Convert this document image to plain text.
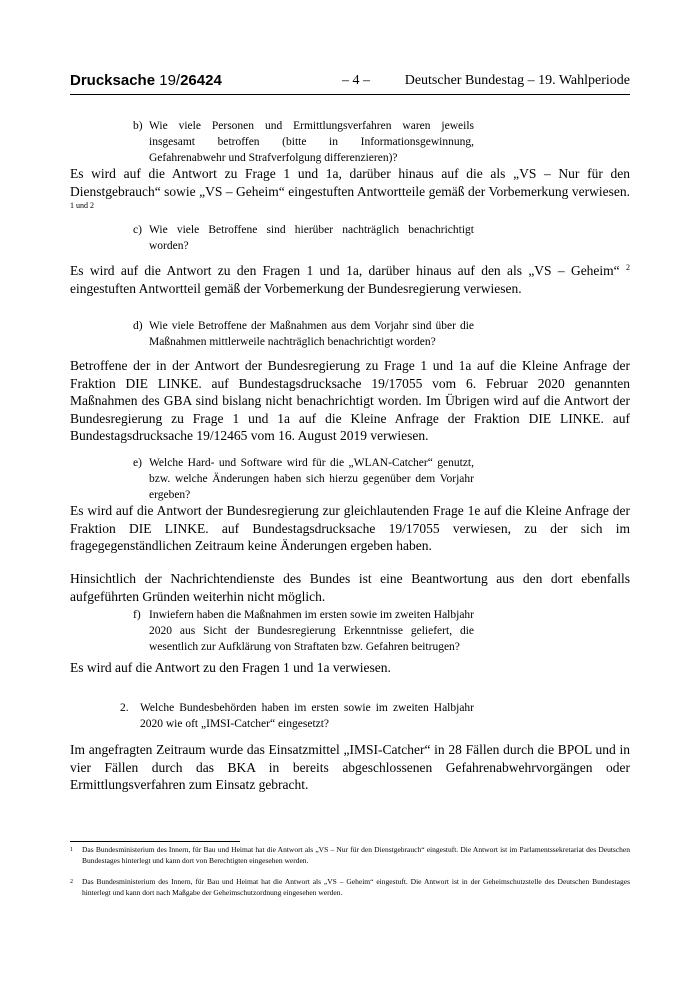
Drucksache 19/26424	– 4 – Deutscher Bundestag – 19. Wahlperiode
b) Wie viele Personen und Ermittlungsverfahren waren jeweils insgesamt betroffen (bitte in Informationsgewinnung, Gefahrenabwehr und Strafverfolgung differenzieren)?
Es wird auf die Antwort zu Frage 1 und 1a, darüber hinaus auf die als „VS – Nur für den Dienstgebrauch“ sowie „VS – Geheim“ eingestuften Antwortteile gemäß der Vorbemerkung verwiesen. $^{1 und 2}$
c) Wie viele Betroffene sind hierüber nachträglich benachrichtigt worden?
Es wird auf die Antwort zu den Fragen 1 und 1a, darüber hinaus auf den als „VS – Geheim“ $^2$ eingestuften Antwortteil gemäß der Vorbemerkung der Bundesregierung verwiesen.
d) Wie viele Betroffene der Maßnahmen aus dem Vorjahr sind über die Maßnahmen mittlerweile nachträglich benachrichtigt worden?
Betroffene der in der Antwort der Bundesregierung zu Frage 1 und 1a auf die Kleine Anfrage der Fraktion DIE LINKE. auf Bundestagsdrucksache 19/17055 vom 6. Februar 2020 genannten Maßnahmen des GBA sind bislang nicht benachrichtigt worden. Im Übrigen wird auf die Antwort der Bundesregierung zu Frage 1 und 1a auf die Kleine Anfrage der Fraktion DIE LINKE. auf Bundestagsdrucksache 19/12465 vom 16. August 2019 verwiesen.
e) Welche Hard- und Software wird für die „WLAN-Catcher“ genutzt, bzw. welche Änderungen haben sich hierzu gegenüber dem Vorjahr ergeben?
Es wird auf die Antwort der Bundesregierung zur gleichlautenden Frage 1e auf die Kleine Anfrage der Fraktion DIE LINKE. auf Bundestagsdrucksache 19/17055 verwiesen, zu der sich im fragegegenständlichen Zeitraum keine Änderungen ergeben haben.
Hinsichtlich der Nachrichtendienste des Bundes ist eine Beantwortung aus den dort ebenfalls aufgeführten Gründen weiterhin nicht möglich.
f) Inwiefern haben die Maßnahmen im ersten sowie im zweiten Halbjahr 2020 aus Sicht der Bundesregierung Erkenntnisse geliefert, die wesentlich zur Aufklärung von Straftaten bzw. Gefahren beitrugen?
Es wird auf die Antwort zu den Fragen 1 und 1a verwiesen.
2. Welche Bundesbehörden haben im ersten sowie im zweiten Halbjahr 2020 wie oft „IMSI-Catcher“ eingesetzt?
Im angefragten Zeitraum wurde das Einsatzmittel „IMSI-Catcher“ in 28 Fällen durch die BPOL und in vier Fällen durch das BKA in bereits abgeschlossenen Gefahrenabwehrvorgängen oder Ermittlungsverfahren zum Einsatz gebracht.
1 Das Bundesministerium des Innern, für Bau und Heimat hat die Antwort als „VS – Nur für den Dienstgebrauch“ eingestuft. Die Antwort ist im Parlamentssekretariat des Deutschen Bundestages hinterlegt und kann dort von Berechtigten eingesehen werden.
2 Das Bundesministerium des Innern, für Bau und Heimat hat die Antwort als „VS – Geheim“ eingestuft. Die Antwort ist in der Geheimschutzstelle des Deutschen Bundestages hinterlegt und kann dort nach Maßgabe der Geheimschutzordnung eingesehen werden.
